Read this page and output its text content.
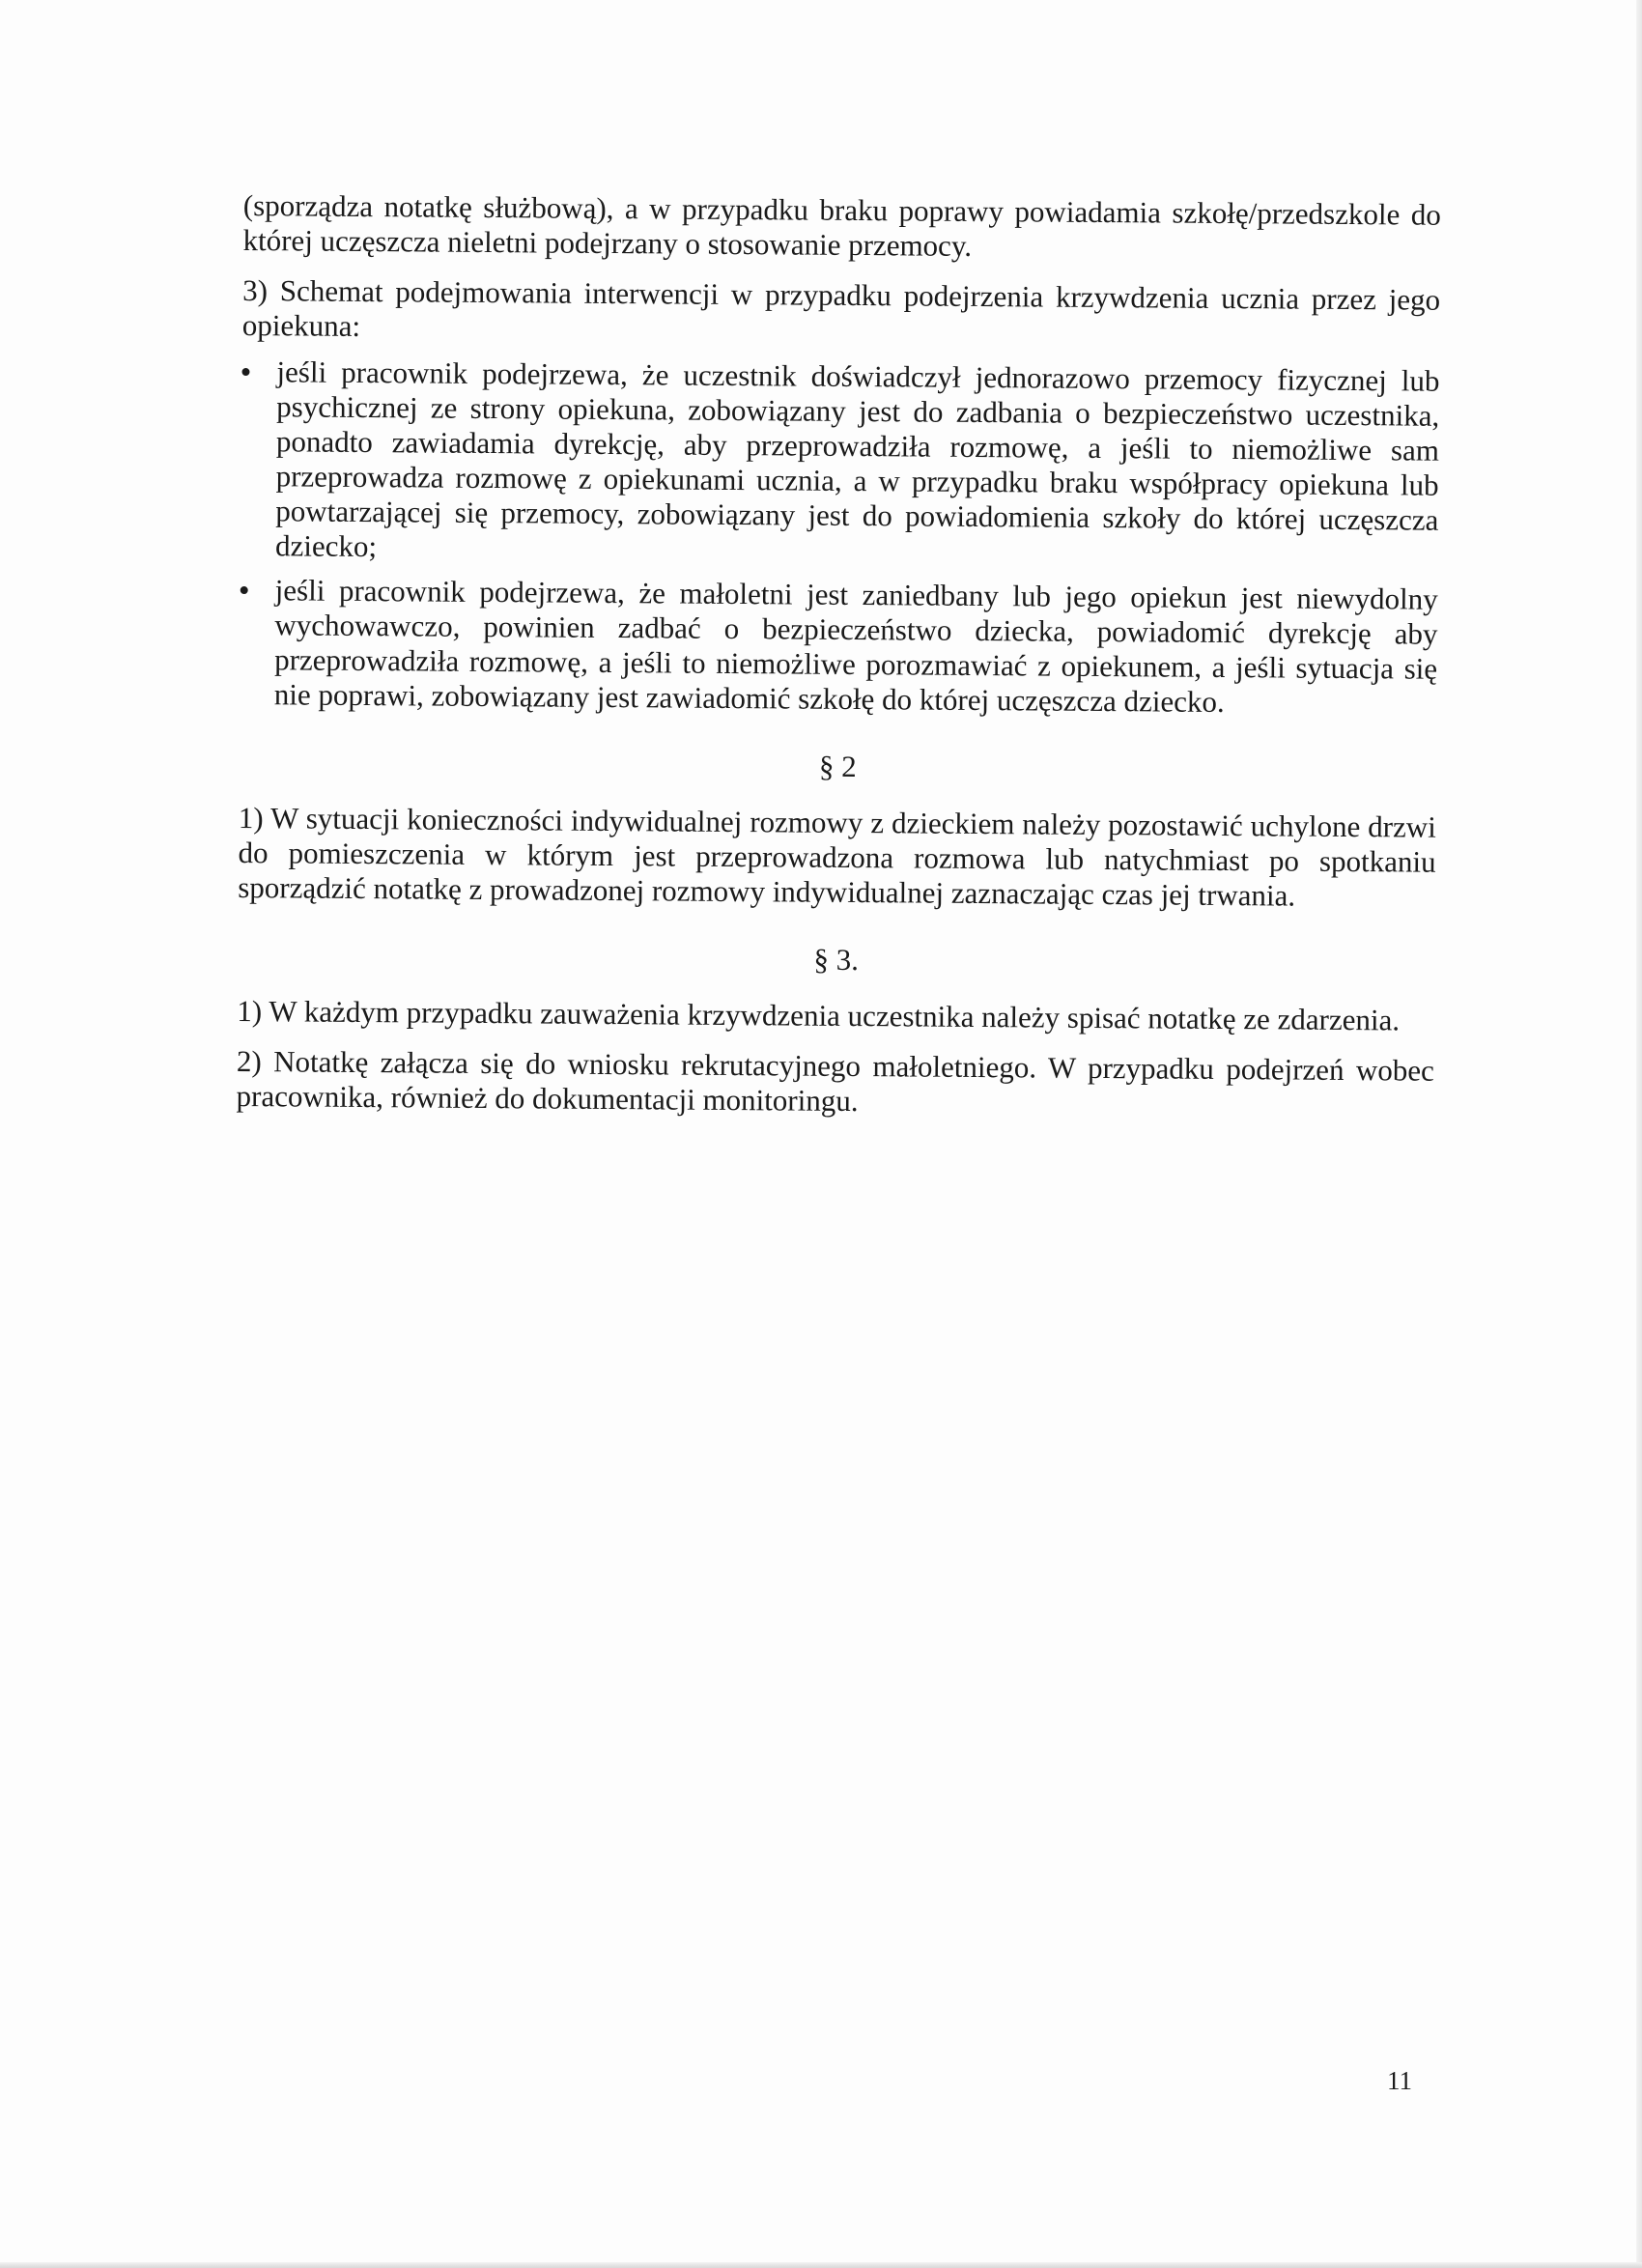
(sporządza notatkę służbową), a w przypadku braku poprawy powiadamia szkołę/przedszkole do której uczęszcza nieletni podejrzany o stosowanie przemocy.

3) Schemat podejmowania interwencji w przypadku podejrzenia krzywdzenia ucznia przez jego opiekuna:

jeśli pracownik podejrzewa, że uczestnik doświadczył jednorazowo przemocy fizycznej lub psychicznej ze strony opiekuna, zobowiązany jest do zadbania o bezpieczeństwo uczestnika, ponadto zawiadamia dyrekcję, aby przeprowadziła rozmowę, a jeśli to niemożliwe sam przeprowadza rozmowę z opiekunami ucznia, a w przypadku braku współpracy opiekuna lub powtarzającej się przemocy, zobowiązany jest do powiadomienia szkoły do której uczęszcza dziecko;
jeśli pracownik podejrzewa, że małoletni jest zaniedbany lub jego opiekun jest niewydolny wychowawczo, powinien zadbać o bezpieczeństwo dziecka, powiadomić dyrekcję aby przeprowadziła rozmowę, a jeśli to niemożliwe porozmawiać z opiekunem, a jeśli sytuacja się nie poprawi, zobowiązany jest zawiadomić szkołę do której uczęszcza dziecko.
§ 2

1) W sytuacji konieczności indywidualnej rozmowy z dzieckiem należy pozostawić uchylone drzwi do pomieszczenia w którym jest przeprowadzona rozmowa lub natychmiast po spotkaniu sporządzić notatkę z prowadzonej rozmowy indywidualnej zaznaczając czas jej trwania.

§ 3.

1) W każdym przypadku zauważenia krzywdzenia uczestnika należy spisać notatkę ze zdarzenia.

2) Notatkę załącza się do wniosku rekrutacyjnego małoletniego. W przypadku podejrzeń wobec pracownika, również do dokumentacji monitoringu.

11
